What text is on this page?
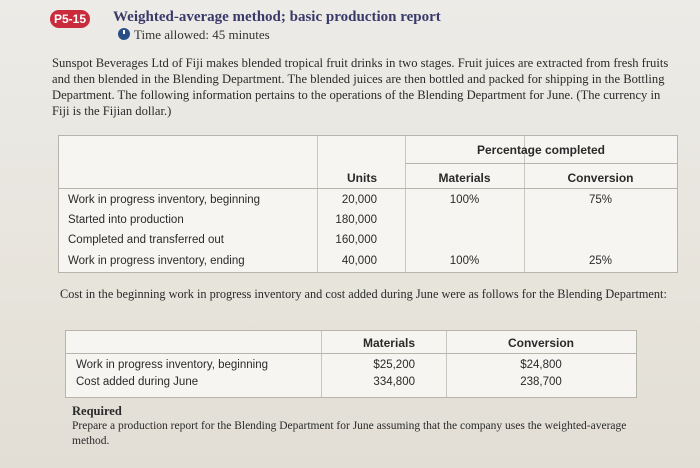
P5-15 Weighted-average method; basic production report
Time allowed: 45 minutes
Sunspot Beverages Ltd of Fiji makes blended tropical fruit drinks in two stages. Fruit juices are extracted from fresh fruits and then blended in the Blending Department. The blended juices are then bottled and packed for shipping in the Bottling Department. The following information pertains to the operations of the Blending Department for June. (The currency in Fiji is the Fijian dollar.)
Percentage completed
Units	Materials	Conversion
Work in progress inventory, beginning	20,000	100%	75%
Started into production	180,000
Completed and transferred out	160,000
Work in progress inventory, ending	40,000	100%	25%
Cost in the beginning work in progress inventory and cost added during June were as follows for the Blending Department:
Materials	Conversion
Work in progress inventory, beginning	$25,200	$24,800
Cost added during June	334,800	238,700
Required
Prepare a production report for the Blending Department for June assuming that the company uses the weighted-average method.
